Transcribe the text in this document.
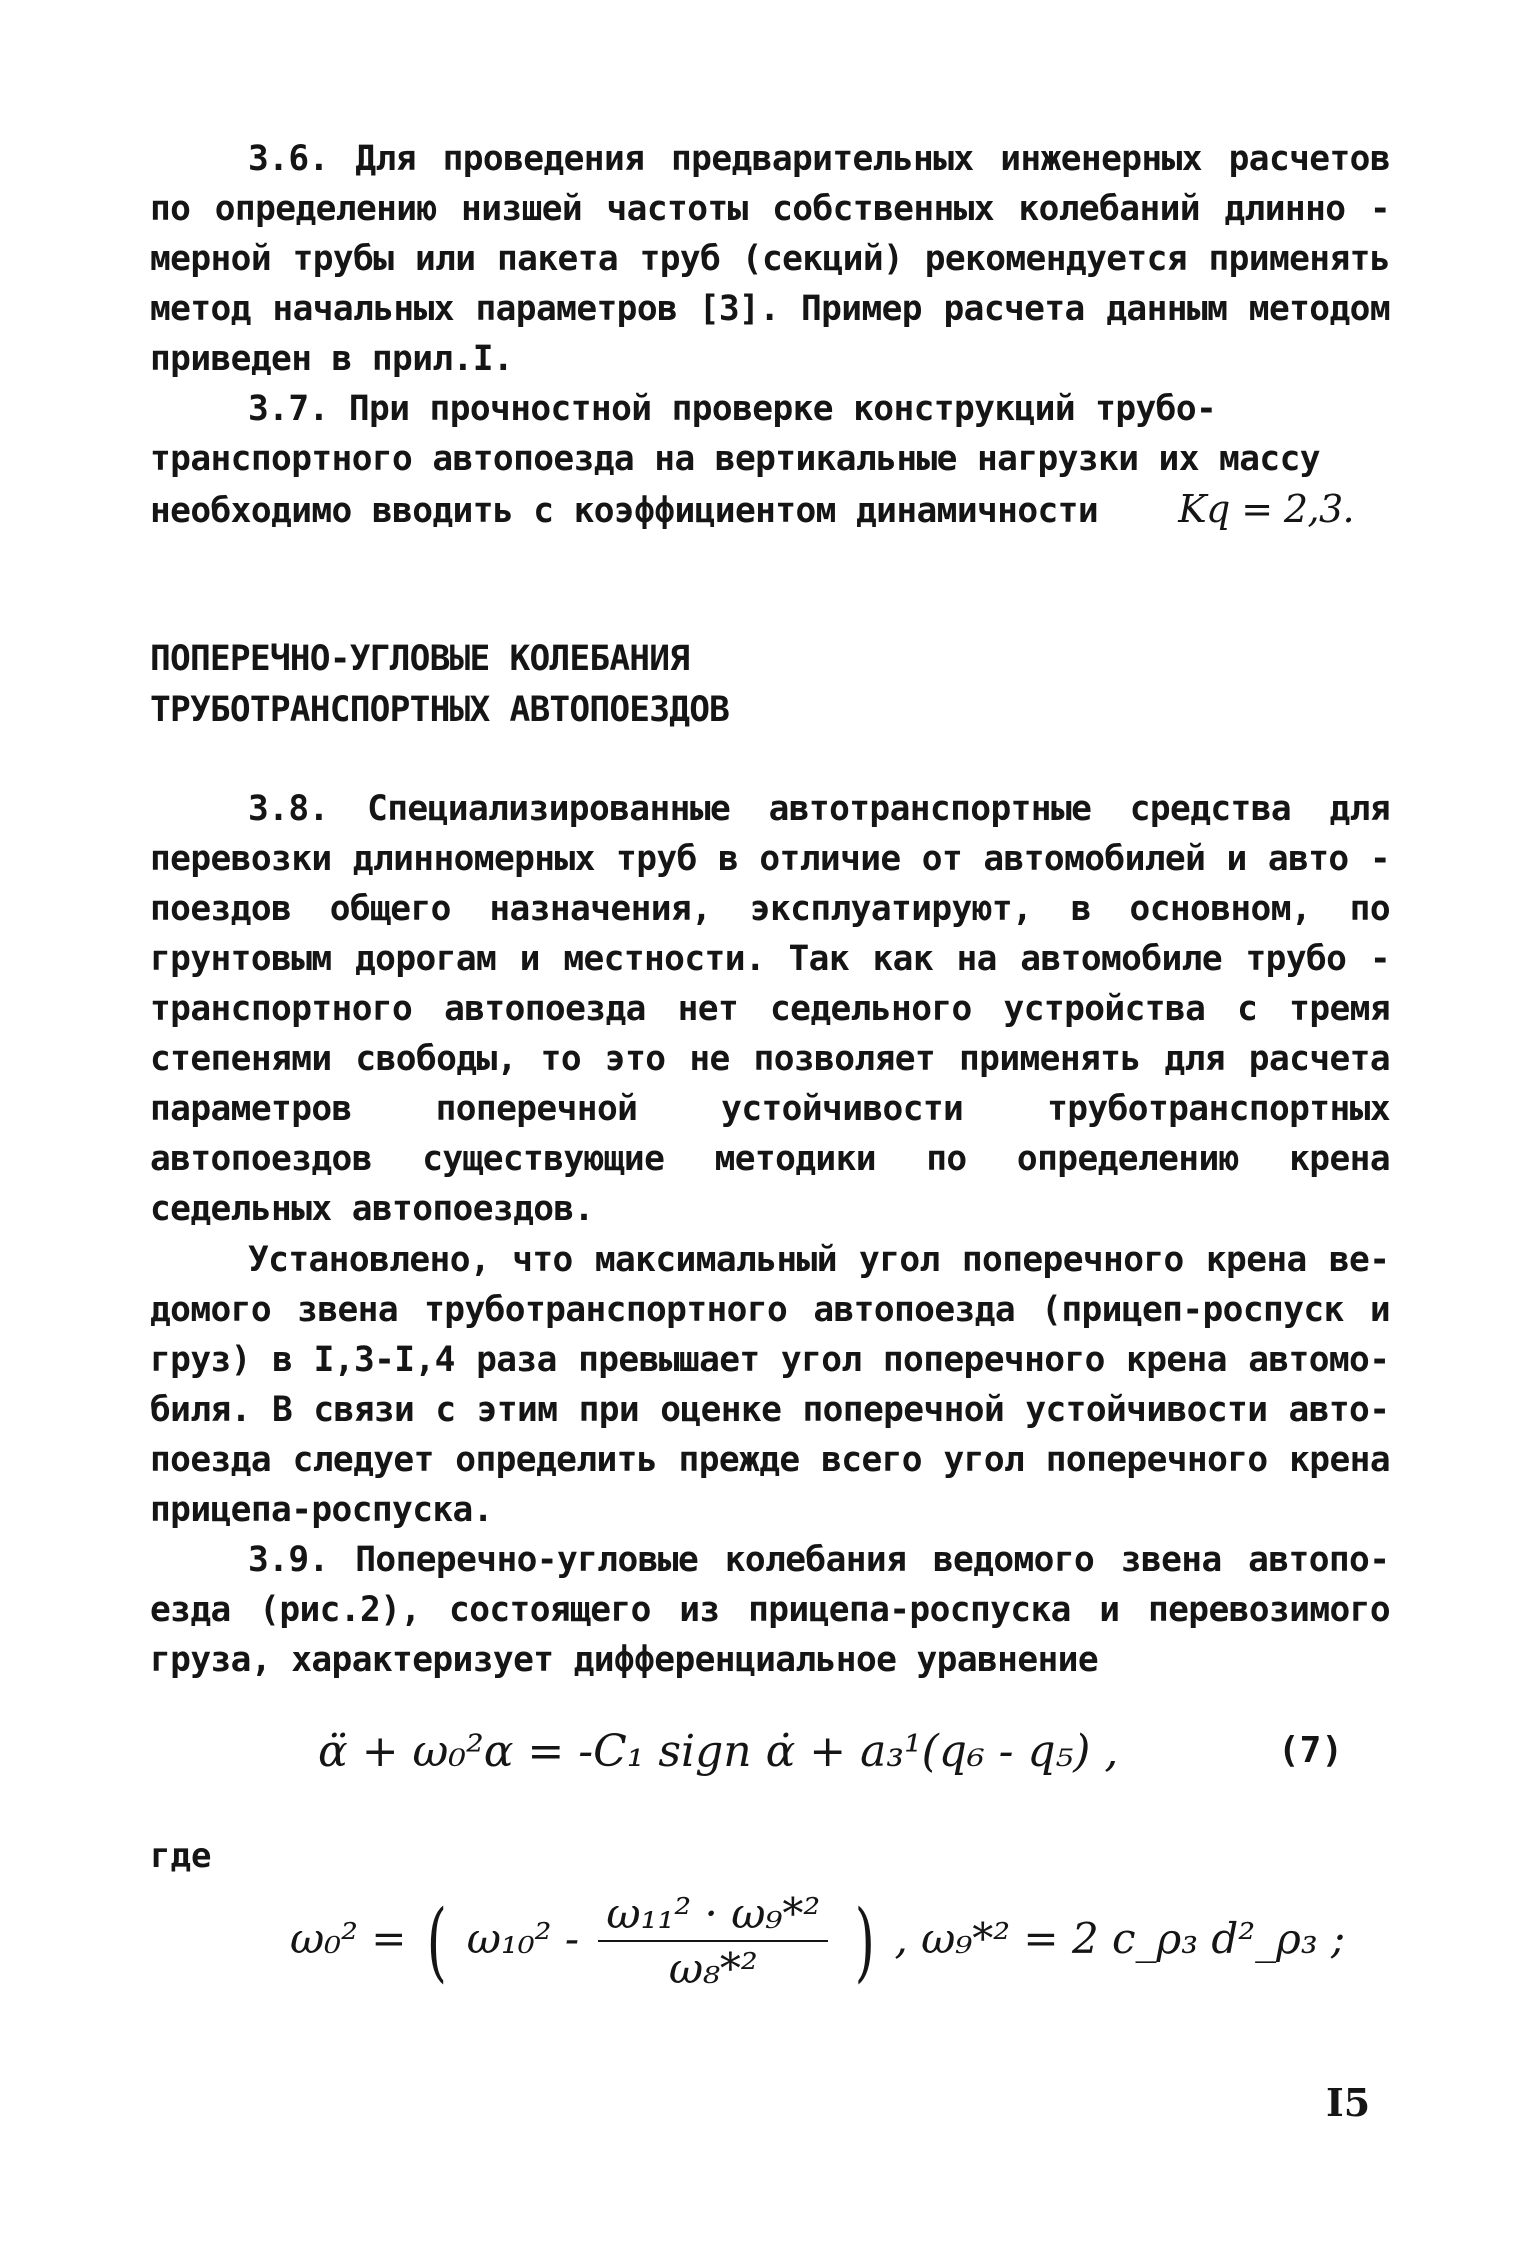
3.6. Для проведения предварительных инженерных расчетов по определению низшей частоты собственных колебаний длинно - мерной трубы или пакета труб (секций) рекомендуется применять метод начальных параметров [3]. Пример расчета данным методом приведен в прил.I.

3.7. При прочностной проверке конструкций труботранспортного автопоезда на вертикальные нагрузки их массу необходимо вводить с коэффициентом динамичности Kq = 2,3.

ПОПЕРЕЧНО-УГЛОВЫЕ КОЛЕБАНИЯ
ТРУБОТРАНСПОРТНЫХ АВТОПОЕЗДОВ

3.8. Специализированные автотранспортные средства для перевозки длинномерных труб в отличие от автомобилей и авто - поездов общего назначения, эксплуатируют, в основном, по грунтовым дорогам и местности. Так как на автомобиле трубо - транспортного автопоезда нет седельного устройства с тремя степенями свободы, то это не позволяет применять для расчета параметров поперечной устойчивости труботранспортных автопоездов существующие методики по определению крена седельных автопоездов.

Установлено, что максимальный угол поперечного крена ведомого звена труботранспортного автопоезда (прицеп-роспуск и груз) в I,3-I,4 раза превышает угол поперечного крена автомобиля. В связи с этим при оценке поперечной устойчивости автопоезда следует определить прежде всего угол поперечного крена прицепа-роспуска.

3.9. Поперечно-угловые колебания ведомого звена автопоезда (рис.2), состоящего из прицепа-роспуска и перевозимого груза, характеризует дифференциальное уравнение

α̈ + ω₀²α = -C₁ sign α̇ + a₃¹(q₆ - q₅) ,	(7)
где
ω₀² = ( $\omega_{10}^2 - \frac{\text{ω₁₁² · ω₉*²}}{\text{ω₈*²}}$ ) , ω₉*² = 2 c_ρ₃ d²_ρ₃ ;
I5
